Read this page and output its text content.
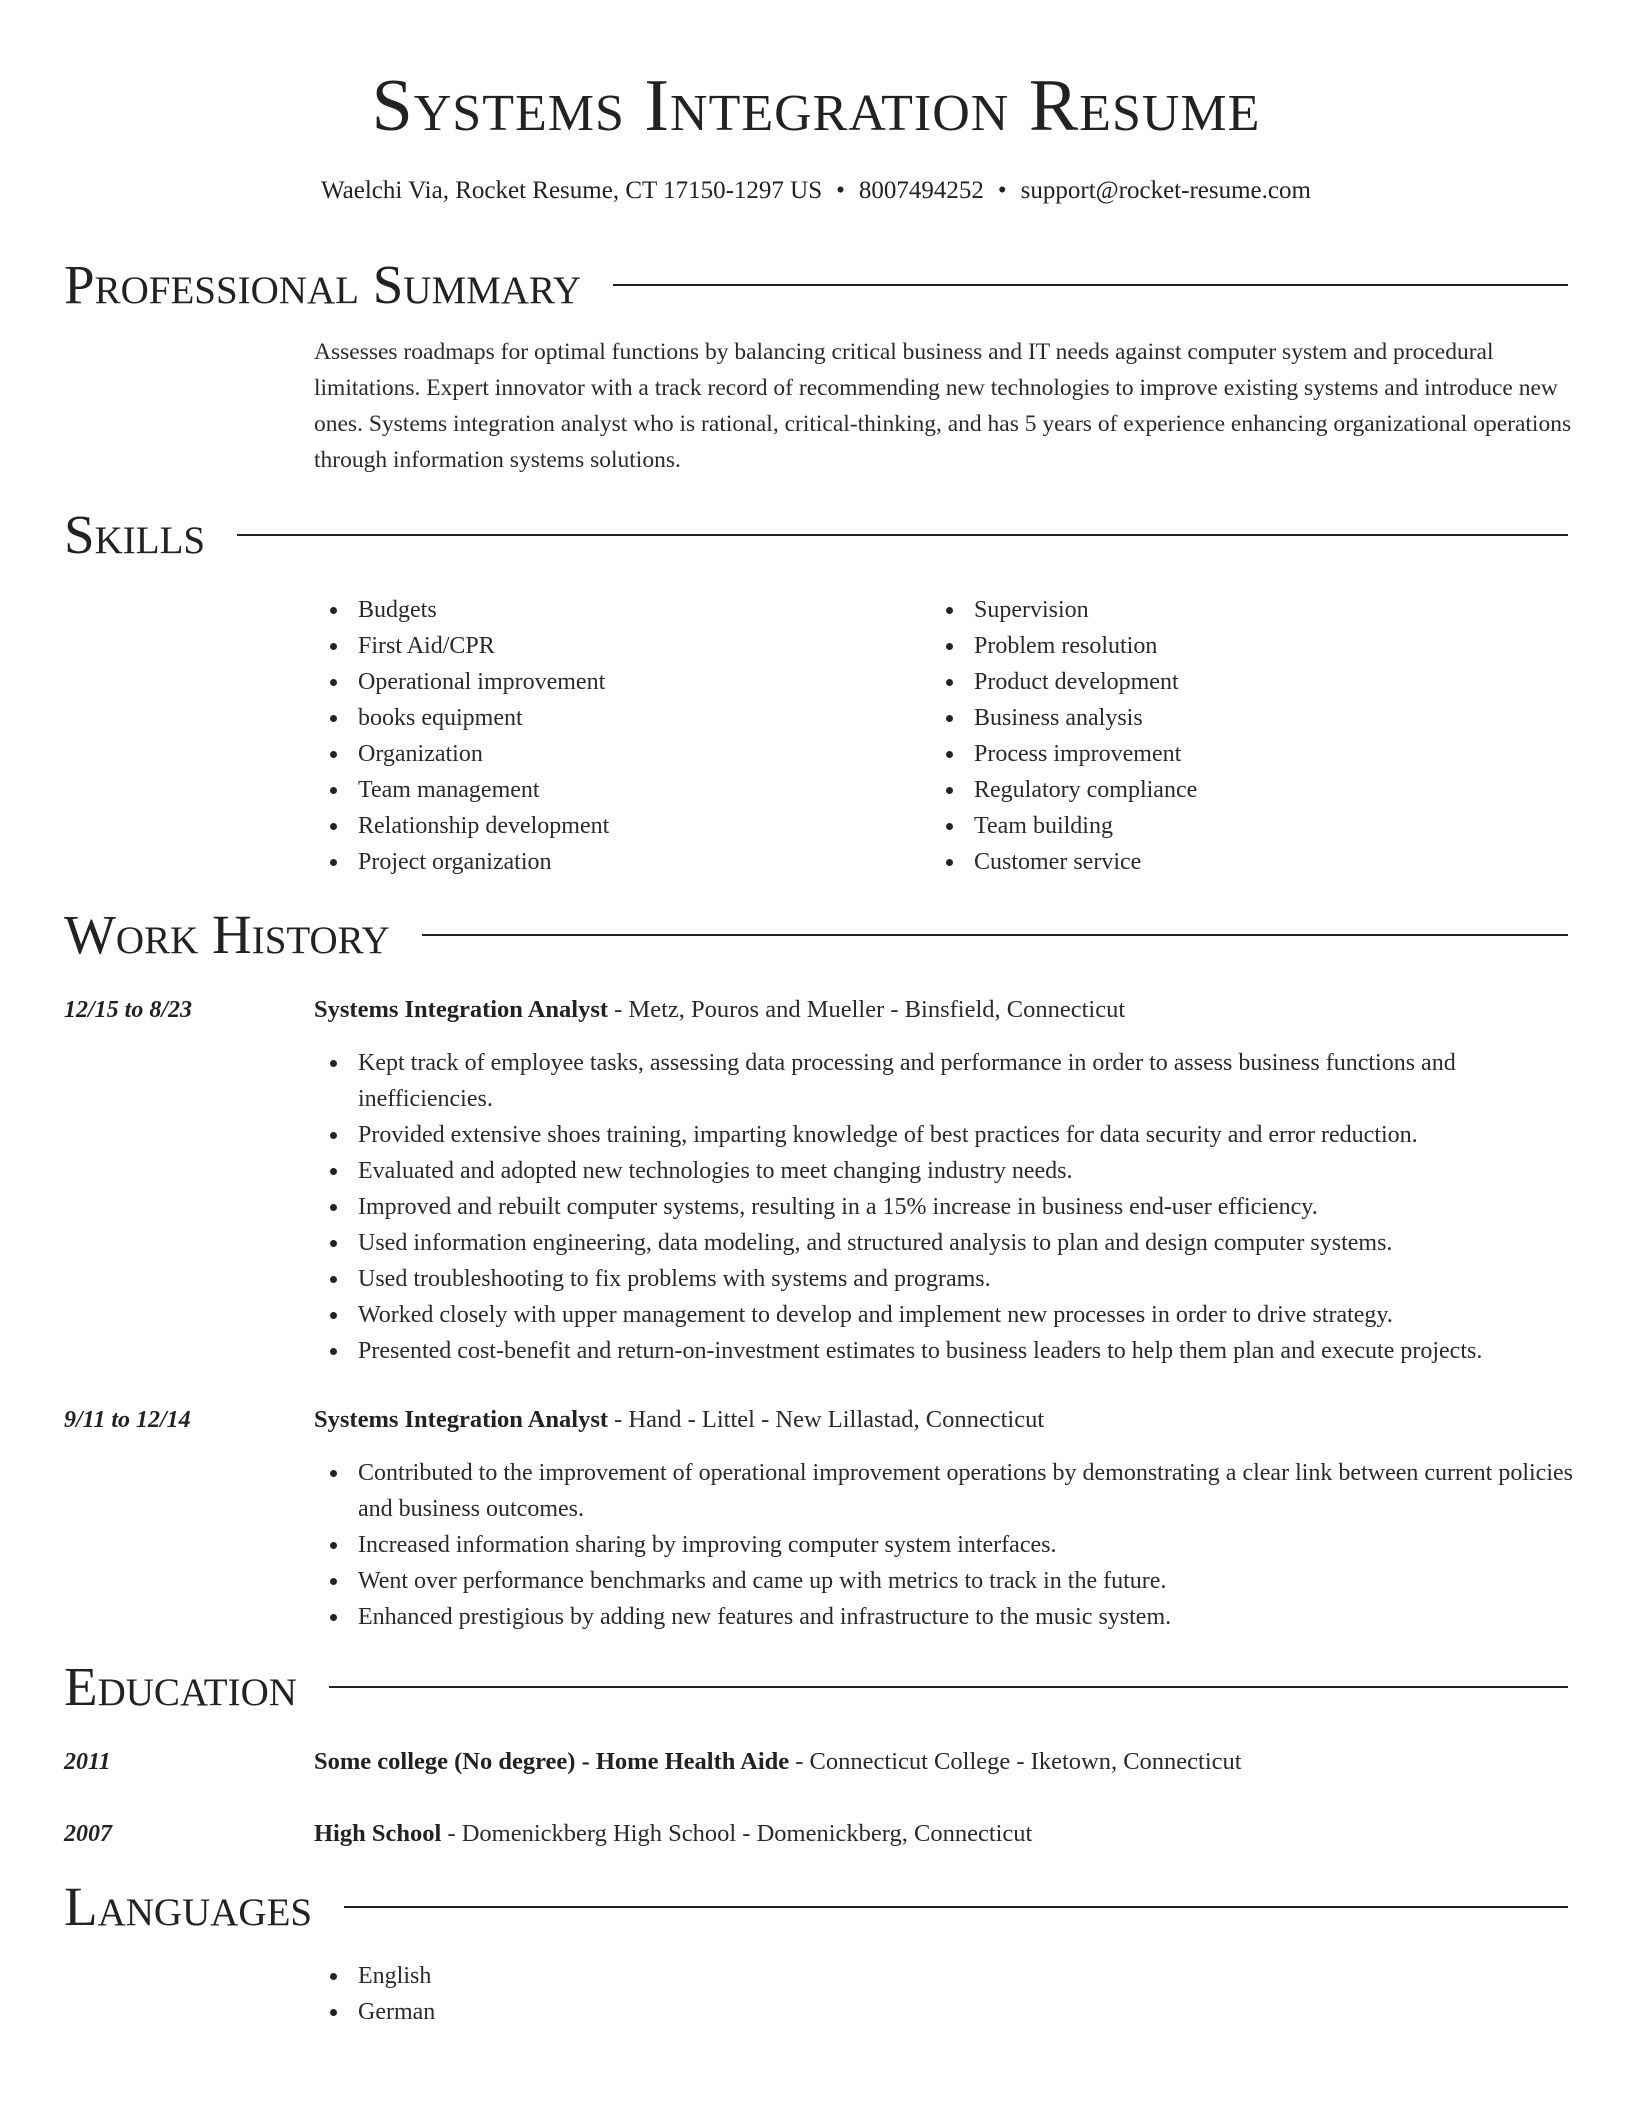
Systems Integration Resume
Waelchi Via, Rocket Resume, CT 17150-1297 US • 8007494252 • support@rocket-resume.com
Professional Summary
Assesses roadmaps for optimal functions by balancing critical business and IT needs against computer system and procedural limitations. Expert innovator with a track record of recommending new technologies to improve existing systems and introduce new ones. Systems integration analyst who is rational, critical-thinking, and has 5 years of experience enhancing organizational operations through information systems solutions.
Skills
Budgets
First Aid/CPR
Operational improvement
books equipment
Organization
Team management
Relationship development
Project organization
Supervision
Problem resolution
Product development
Business analysis
Process improvement
Regulatory compliance
Team building
Customer service
Work History
12/15 to 8/23	Systems Integration Analyst - Metz, Pouros and Mueller - Binsfield, Connecticut
Kept track of employee tasks, assessing data processing and performance in order to assess business functions and inefficiencies.
Provided extensive shoes training, imparting knowledge of best practices for data security and error reduction.
Evaluated and adopted new technologies to meet changing industry needs.
Improved and rebuilt computer systems, resulting in a 15% increase in business end-user efficiency.
Used information engineering, data modeling, and structured analysis to plan and design computer systems.
Used troubleshooting to fix problems with systems and programs.
Worked closely with upper management to develop and implement new processes in order to drive strategy.
Presented cost-benefit and return-on-investment estimates to business leaders to help them plan and execute projects.
9/11 to 12/14	Systems Integration Analyst - Hand - Littel - New Lillastad, Connecticut
Contributed to the improvement of operational improvement operations by demonstrating a clear link between current policies and business outcomes.
Increased information sharing by improving computer system interfaces.
Went over performance benchmarks and came up with metrics to track in the future.
Enhanced prestigious by adding new features and infrastructure to the music system.
Education
2011	Some college (No degree) - Home Health Aide - Connecticut College - Iketown, Connecticut
2007	High School - Domenickberg High School - Domenickberg, Connecticut
Languages
English
German
